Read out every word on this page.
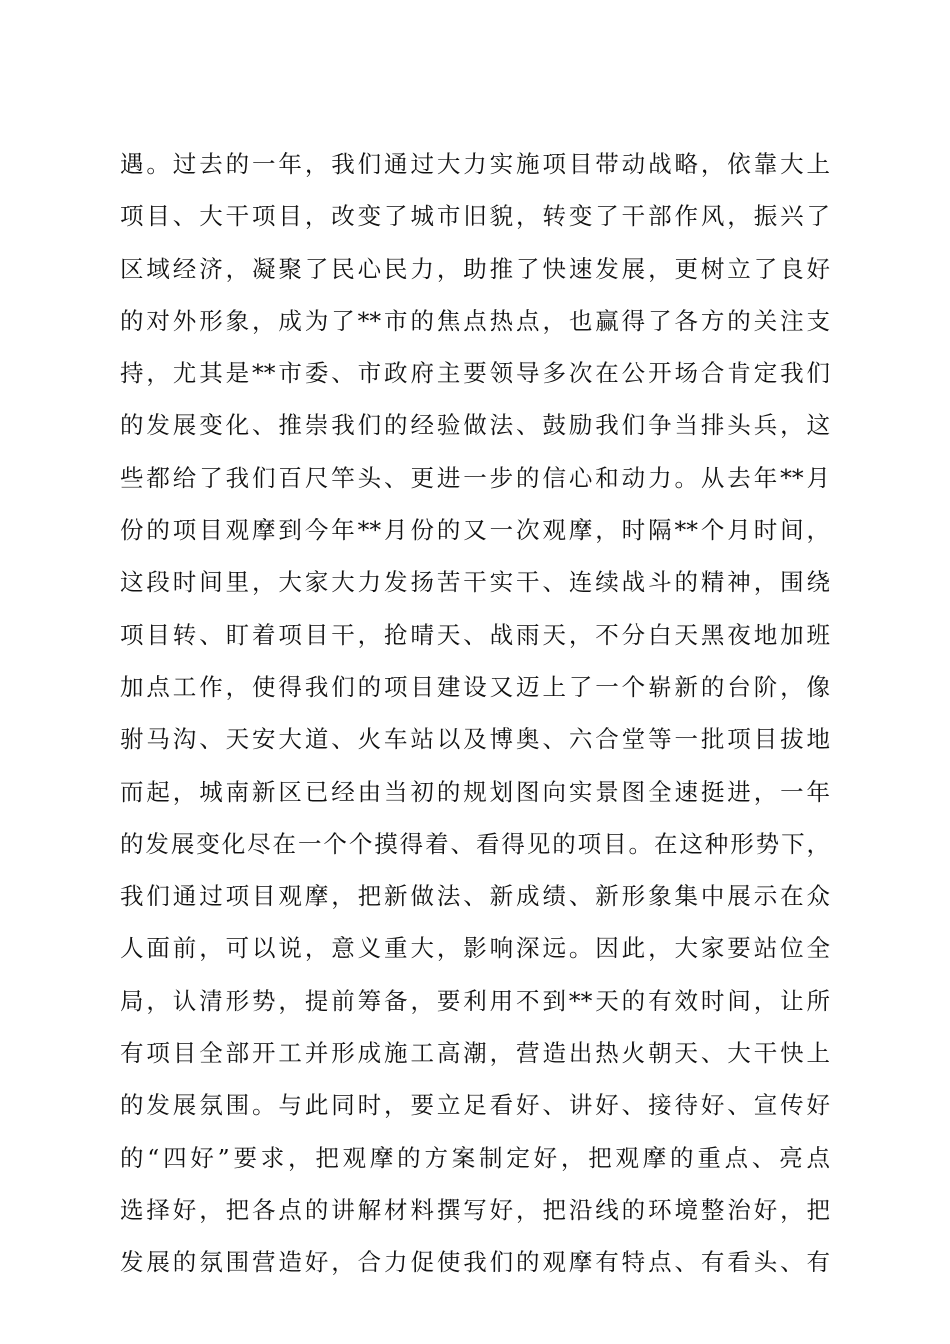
遇。过去的一年，我们通过大力实施项目带动战略，依靠大上
项目、大干项目，改变了城市旧貌，转变了干部作风，振兴了
区域经济，凝聚了民心民力，助推了快速发展，更树立了良好
的对外形象，成为了**市的焦点热点，也赢得了各方的关注支
持，尤其是**市委、市政府主要领导多次在公开场合肯定我们
的发展变化、推崇我们的经验做法、鼓励我们争当排头兵，这
些都给了我们百尺竿头、更进一步的信心和动力。从去年**月
份的项目观摩到今年**月份的又一次观摩，时隔**个月时间，
这段时间里，大家大力发扬苦干实干、连续战斗的精神，围绕
项目转、盯着项目干，抢晴天、战雨天，不分白天黑夜地加班
加点工作，使得我们的项目建设又迈上了一个崭新的台阶，像
驸马沟、天安大道、火车站以及博奥、六合堂等一批项目拔地
而起，城南新区已经由当初的规划图向实景图全速挺进，一年
的发展变化尽在一个个摸得着、看得见的项目。在这种形势下，
我们通过项目观摩，把新做法、新成绩、新形象集中展示在众
人面前，可以说，意义重大，影响深远。因此，大家要站位全
局，认清形势，提前筹备，要利用不到**天的有效时间，让所
有项目全部开工并形成施工高潮，营造出热火朝天、大干快上
的发展氛围。与此同时，要立足看好、讲好、接待好、宣传好
的“四好”要求，把观摩的方案制定好，把观摩的重点、亮点
选择好，把各点的讲解材料撰写好，把沿线的环境整治好，把
发展的氛围营造好，合力促使我们的观摩有特点、有看头、有
